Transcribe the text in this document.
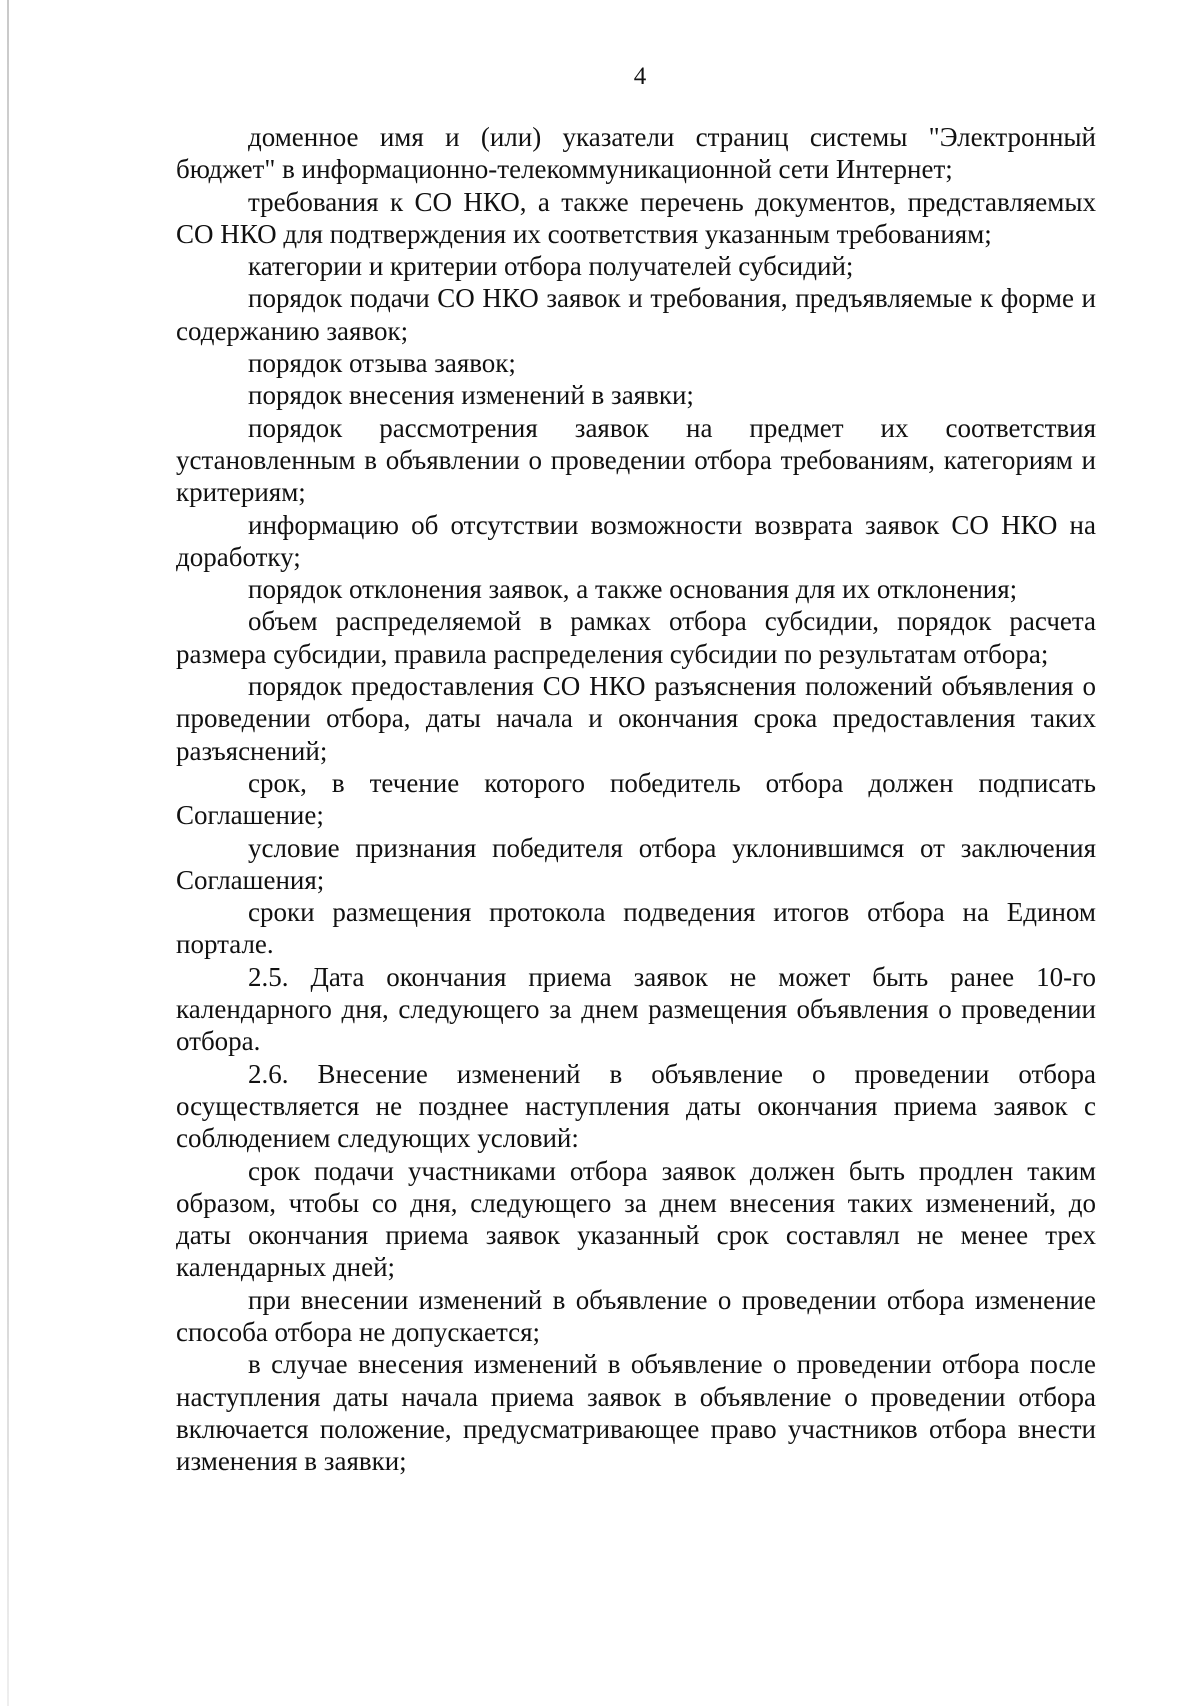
4

доменное имя и (или) указатели страниц системы "Электронный бюджет" в информационно-телекоммуникационной сети Интернет;

требования к СО НКО, а также перечень документов, представляемых СО НКО для подтверждения их соответствия указанным требованиям;

категории и критерии отбора получателей субсидий;

порядок подачи СО НКО заявок и требования, предъявляемые к форме и содержанию заявок;

порядок отзыва заявок;

порядок внесения изменений в заявки;

порядок рассмотрения заявок на предмет их соответствия установленным в объявлении о проведении отбора требованиям, категориям и критериям;

информацию об отсутствии возможности возврата заявок СО НКО на доработку;

порядок отклонения заявок, а также основания для их отклонения;

объем распределяемой в рамках отбора субсидии, порядок расчета размера субсидии, правила распределения субсидии по результатам отбора;

порядок предоставления СО НКО разъяснения положений объявления о проведении отбора, даты начала и окончания срока предоставления таких разъяснений;

срок, в течение которого победитель отбора должен подписать Соглашение;

условие признания победителя отбора уклонившимся от заключения Соглашения;

сроки размещения протокола подведения итогов отбора на Едином портале.

2.5. Дата окончания приема заявок не может быть ранее 10-го календарного дня, следующего за днем размещения объявления о проведении отбора.

2.6. Внесение изменений в объявление о проведении отбора осуществляется не позднее наступления даты окончания приема заявок с соблюдением следующих условий:

срок подачи участниками отбора заявок должен быть продлен таким образом, чтобы со дня, следующего за днем внесения таких изменений, до даты окончания приема заявок указанный срок составлял не менее трех календарных дней;

при внесении изменений в объявление о проведении отбора изменение способа отбора не допускается;

в случае внесения изменений в объявление о проведении отбора после наступления даты начала приема заявок в объявление о проведении отбора включается положение, предусматривающее право участников отбора внести изменения в заявки;
